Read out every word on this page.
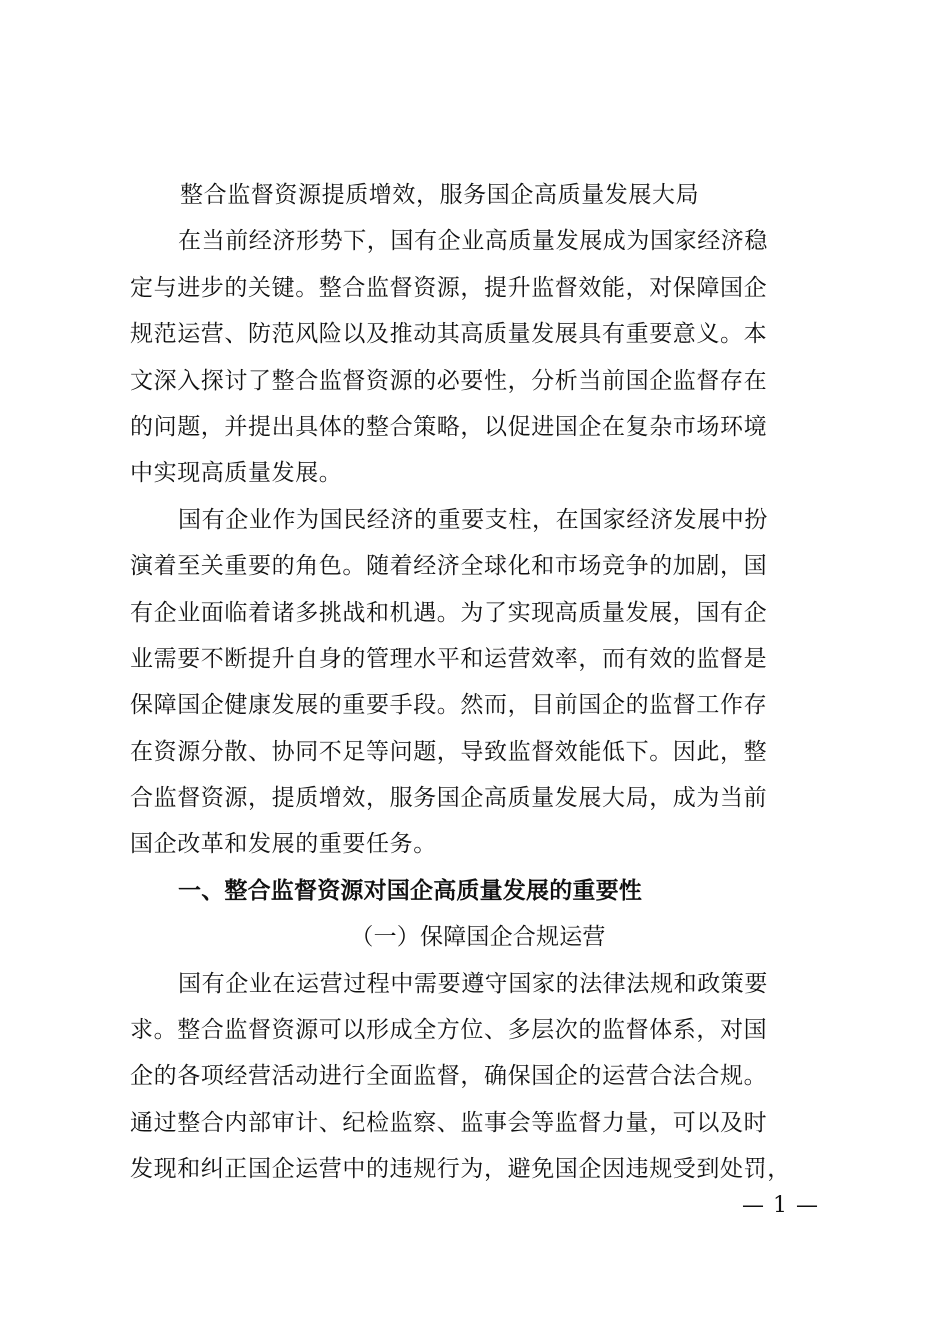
整合监督资源提质增效，服务国企高质量发展大局
在当前经济形势下，国有企业高质量发展成为国家经济稳
定与进步的关键。整合监督资源，提升监督效能，对保障国企
规范运营、防范风险以及推动其高质量发展具有重要意义。本
文深入探讨了整合监督资源的必要性，分析当前国企监督存在
的问题，并提出具体的整合策略，以促进国企在复杂市场环境
中实现高质量发展。
国有企业作为国民经济的重要支柱，在国家经济发展中扮
演着至关重要的角色。随着经济全球化和市场竞争的加剧，国
有企业面临着诸多挑战和机遇。为了实现高质量发展，国有企
业需要不断提升自身的管理水平和运营效率，而有效的监督是
保障国企健康发展的重要手段。然而，目前国企的监督工作存
在资源分散、协同不足等问题，导致监督效能低下。因此，整
合监督资源，提质增效，服务国企高质量发展大局，成为当前
国企改革和发展的重要任务。
一、整合监督资源对国企高质量发展的重要性
（一）保障国企合规运营
国有企业在运营过程中需要遵守国家的法律法规和政策要
求。整合监督资源可以形成全方位、多层次的监督体系，对国
企的各项经营活动进行全面监督，确保国企的运营合法合规。
通过整合内部审计、纪检监察、监事会等监督力量，可以及时
发现和纠正国企运营中的违规行为，避免国企因违规受到处罚，
— 1 —
